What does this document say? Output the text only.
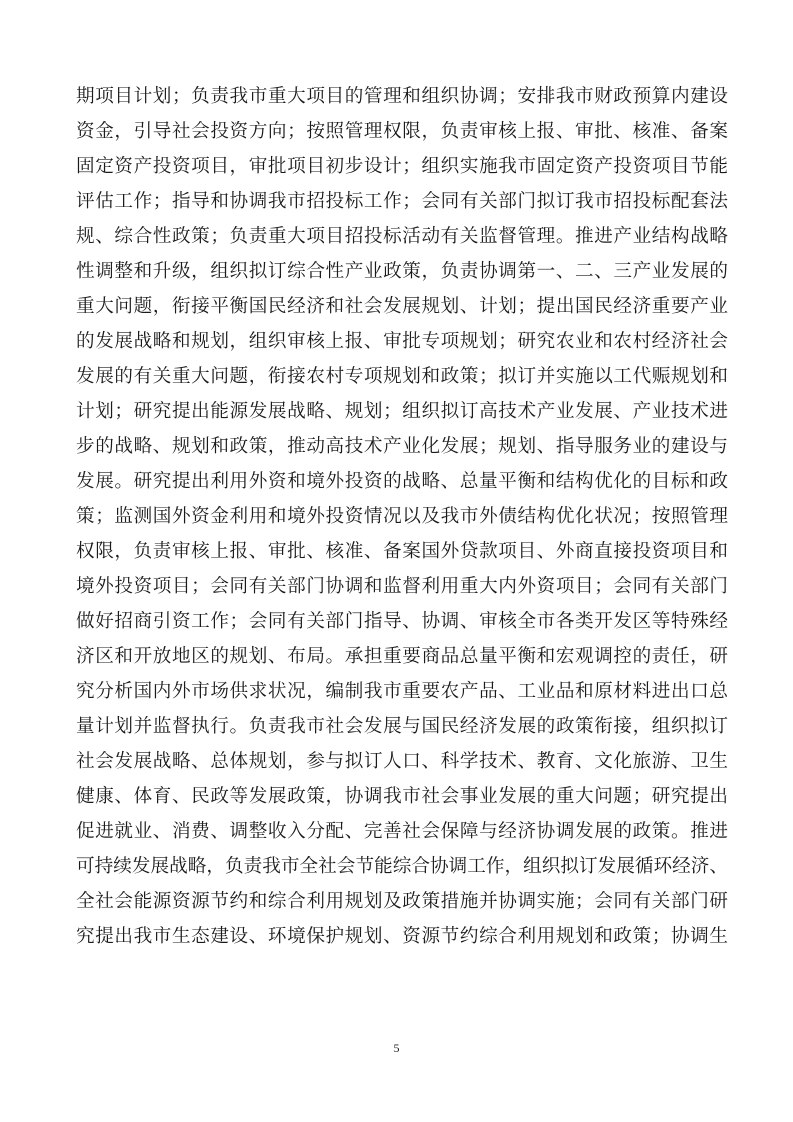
期项目计划；负责我市重大项目的管理和组织协调；安排我市财政预算内建设
资金，引导社会投资方向；按照管理权限，负责审核上报、审批、核准、备案
固定资产投资项目，审批项目初步设计；组织实施我市固定资产投资项目节能
评估工作；指导和协调我市招投标工作；会同有关部门拟订我市招投标配套法
规、综合性政策；负责重大项目招投标活动有关监督管理。推进产业结构战略
性调整和升级，组织拟订综合性产业政策，负责协调第一、二、三产业发展的
重大问题，衔接平衡国民经济和社会发展规划、计划；提出国民经济重要产业
的发展战略和规划，组织审核上报、审批专项规划；研究农业和农村经济社会
发展的有关重大问题，衔接农村专项规划和政策；拟订并实施以工代赈规划和
计划；研究提出能源发展战略、规划；组织拟订高技术产业发展、产业技术进
步的战略、规划和政策，推动高技术产业化发展；规划、指导服务业的建设与
发展。研究提出利用外资和境外投资的战略、总量平衡和结构优化的目标和政
策；监测国外资金利用和境外投资情况以及我市外债结构优化状况；按照管理
权限，负责审核上报、审批、核准、备案国外贷款项目、外商直接投资项目和
境外投资项目；会同有关部门协调和监督利用重大内外资项目；会同有关部门
做好招商引资工作；会同有关部门指导、协调、审核全市各类开发区等特殊经
济区和开放地区的规划、布局。承担重要商品总量平衡和宏观调控的责任，研
究分析国内外市场供求状况，编制我市重要农产品、工业品和原材料进出口总
量计划并监督执行。负责我市社会发展与国民经济发展的政策衔接，组织拟订
社会发展战略、总体规划，参与拟订人口、科学技术、教育、文化旅游、卫生
健康、体育、民政等发展政策，协调我市社会事业发展的重大问题；研究提出
促进就业、消费、调整收入分配、完善社会保障与经济协调发展的政策。推进
可持续发展战略，负责我市全社会节能综合协调工作，组织拟订发展循环经济、
全社会能源资源节约和综合利用规划及政策措施并协调实施；会同有关部门研
究提出我市生态建设、环境保护规划、资源节约综合利用规划和政策；协调生
5
